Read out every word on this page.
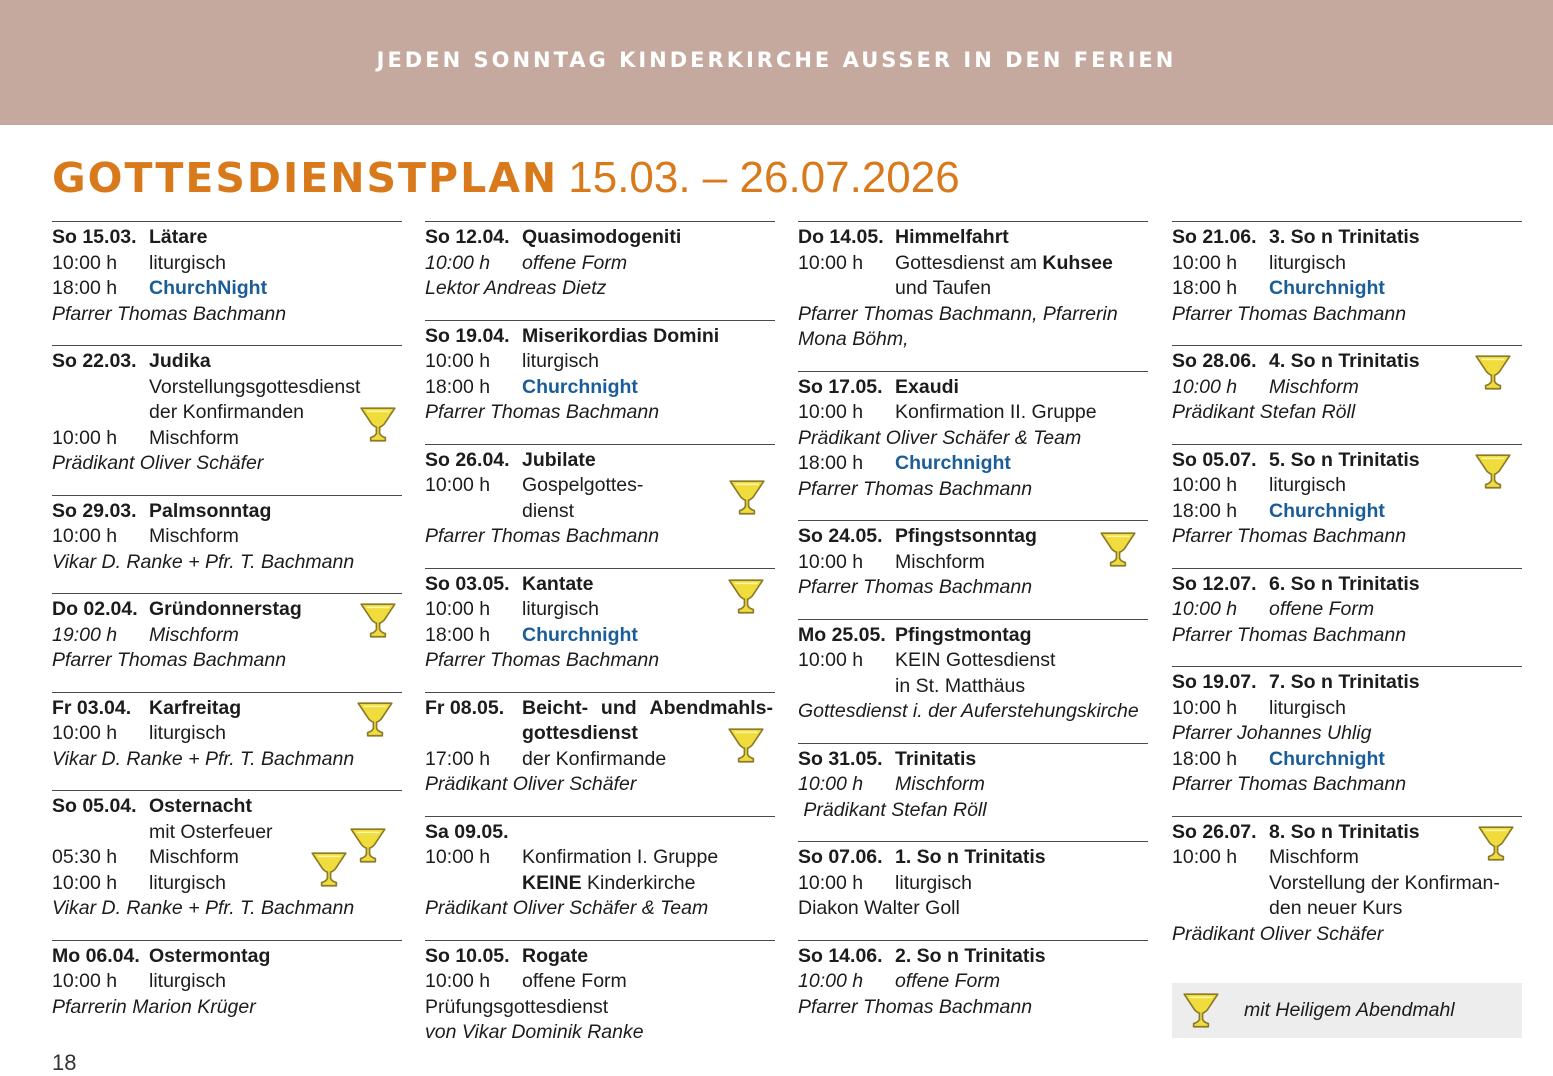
JEDEN SONNTAG KINDERKIRCHE AUSSER IN DEN FERIEN
GOTTESDIENSTPLAN 15.03. – 26.07.2026
So 15.03. Lätare
10:00 h	liturgisch
18:00 h	ChurchNight
Pfarrer Thomas Bachmann
So 22.03. Judika
Vorstellungsgottesdienst
der Konfirmanden
10:00 h	Mischform
Prädikant Oliver Schäfer
So 29.03. Palmsonntag
10:00 h	Mischform
Vikar D. Ranke + Pfr. T. Bachmann
Do 02.04. Gründonnerstag
19:00 h	Mischform
Pfarrer Thomas Bachmann
Fr 03.04. Karfreitag
10:00 h	liturgisch
Vikar D. Ranke + Pfr. T. Bachmann
So 05.04. Osternacht
mit Osterfeuer
05:30 h	Mischform
10:00 h	liturgisch
Vikar D. Ranke + Pfr. T. Bachmann
Mo 06.04. Ostermontag
10:00 h	liturgisch
Pfarrerin Marion Krüger
So 12.04. Quasimodogeniti
10:00 h	offene Form
Lektor Andreas Dietz
So 19.04. Miserikordias Domini
10:00 h	liturgisch
18:00 h	Churchnight
Pfarrer Thomas Bachmann
So 26.04. Jubilate
10:00 h	Gospelgottes-
dienst
Pfarrer Thomas Bachmann
So 03.05. Kantate
10:00 h	liturgisch
18:00 h	Churchnight
Pfarrer Thomas Bachmann
Fr 08.05. Beicht- und Abendmahls-
gottesdienst
17:00 h	der Konfirmande
Prädikant Oliver Schäfer
Sa 09.05.
10:00 h	Konfirmation I. Gruppe
KEINE Kinderkirche
Prädikant Oliver Schäfer & Team
So 10.05. Rogate
10:00 h	offene Form
Prüfungsgottesdienst
von Vikar Dominik Ranke
Do 14.05. Himmelfahrt
10:00 h	Gottesdienst am Kuhsee
und Taufen
Pfarrer Thomas Bachmann, Pfarrerin
Mona Böhm,
So 17.05. Exaudi
10:00 h	Konfirmation II. Gruppe
Prädikant Oliver Schäfer & Team
18:00 h	Churchnight
Pfarrer Thomas Bachmann
So 24.05. Pfingstsonntag
10:00 h	Mischform
Pfarrer Thomas Bachmann
Mo 25.05. Pfingstmontag
10:00 h	KEIN Gottesdienst
in St. Matthäus
Gottesdienst i. der Auferstehungskirche
So 31.05. Trinitatis
10:00 h	Mischform
Prädikant Stefan Röll
So 07.06. 1. So n Trinitatis
10:00 h	liturgisch
Diakon Walter Goll
So 14.06. 2. So n Trinitatis
10:00 h	offene Form
Pfarrer Thomas Bachmann
So 21.06. 3. So n Trinitatis
10:00 h	liturgisch
18:00 h	Churchnight
Pfarrer Thomas Bachmann
So 28.06. 4. So n Trinitatis
10:00 h	Mischform
Prädikant Stefan Röll
So 05.07. 5. So n Trinitatis
10:00 h	liturgisch
18:00 h	Churchnight
Pfarrer Thomas Bachmann
So 12.07. 6. So n Trinitatis
10:00 h	offene Form
Pfarrer Thomas Bachmann
So 19.07. 7. So n Trinitatis
10:00 h	liturgisch
Pfarrer Johannes Uhlig
18:00 h	Churchnight
Pfarrer Thomas Bachmann
So 26.07. 8. So n Trinitatis
10:00 h	Mischform
Vorstellung der Konfirman-
den neuer Kurs
Prädikant Oliver Schäfer
mit Heiligem Abendmahl
18
